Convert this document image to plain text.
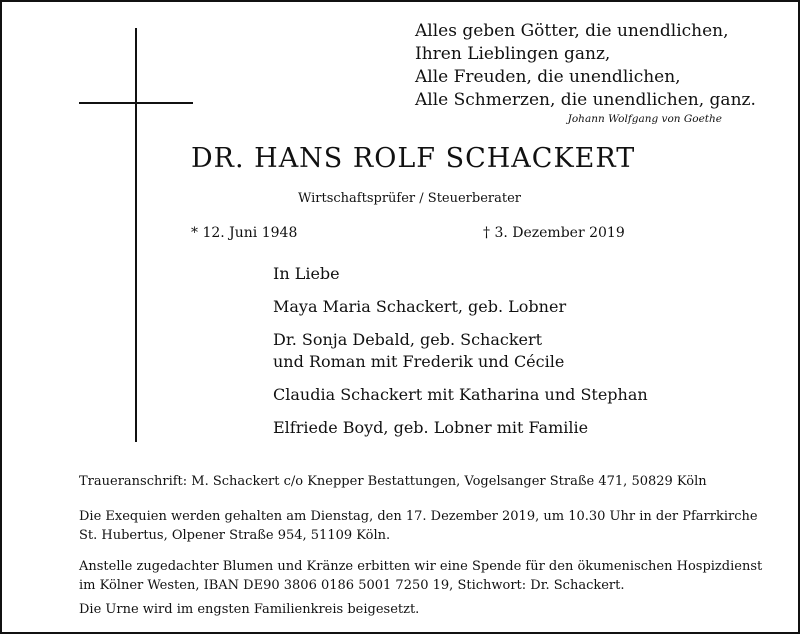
Alles geben Götter, die unendlichen,
Ihren Lieblingen ganz,
Alle Freuden, die unendlichen,
Alle Schmerzen, die unendlichen, ganz.
Johann Wolfgang von Goethe
DR. HANS ROLF SCHACKERT
Wirtschaftsprüfer / Steuerberater
* 12. Juni 1948	† 3. Dezember 2019
In Liebe
Maya Maria Schackert, geb. Lobner
Dr. Sonja Debald, geb. Schackert
und Roman mit Frederik und Cécile
Claudia Schackert mit Katharina und Stephan
Elfriede Boyd, geb. Lobner mit Familie
Traueranschrift: M. Schackert c/o Knepper Bestattungen, Vogelsanger Straße 471, 50829 Köln
Die Exequien werden gehalten am Dienstag, den 17. Dezember 2019, um 10.30 Uhr in der Pfarrkirche
St. Hubertus, Olpener Straße 954, 51109 Köln.
Anstelle zugedachter Blumen und Kränze erbitten wir eine Spende für den ökumenischen Hospizdienst
im Kölner Westen, IBAN DE90 3806 0186 5001 7250 19, Stichwort: Dr. Schackert.
Die Urne wird im engsten Familienkreis beigesetzt.
